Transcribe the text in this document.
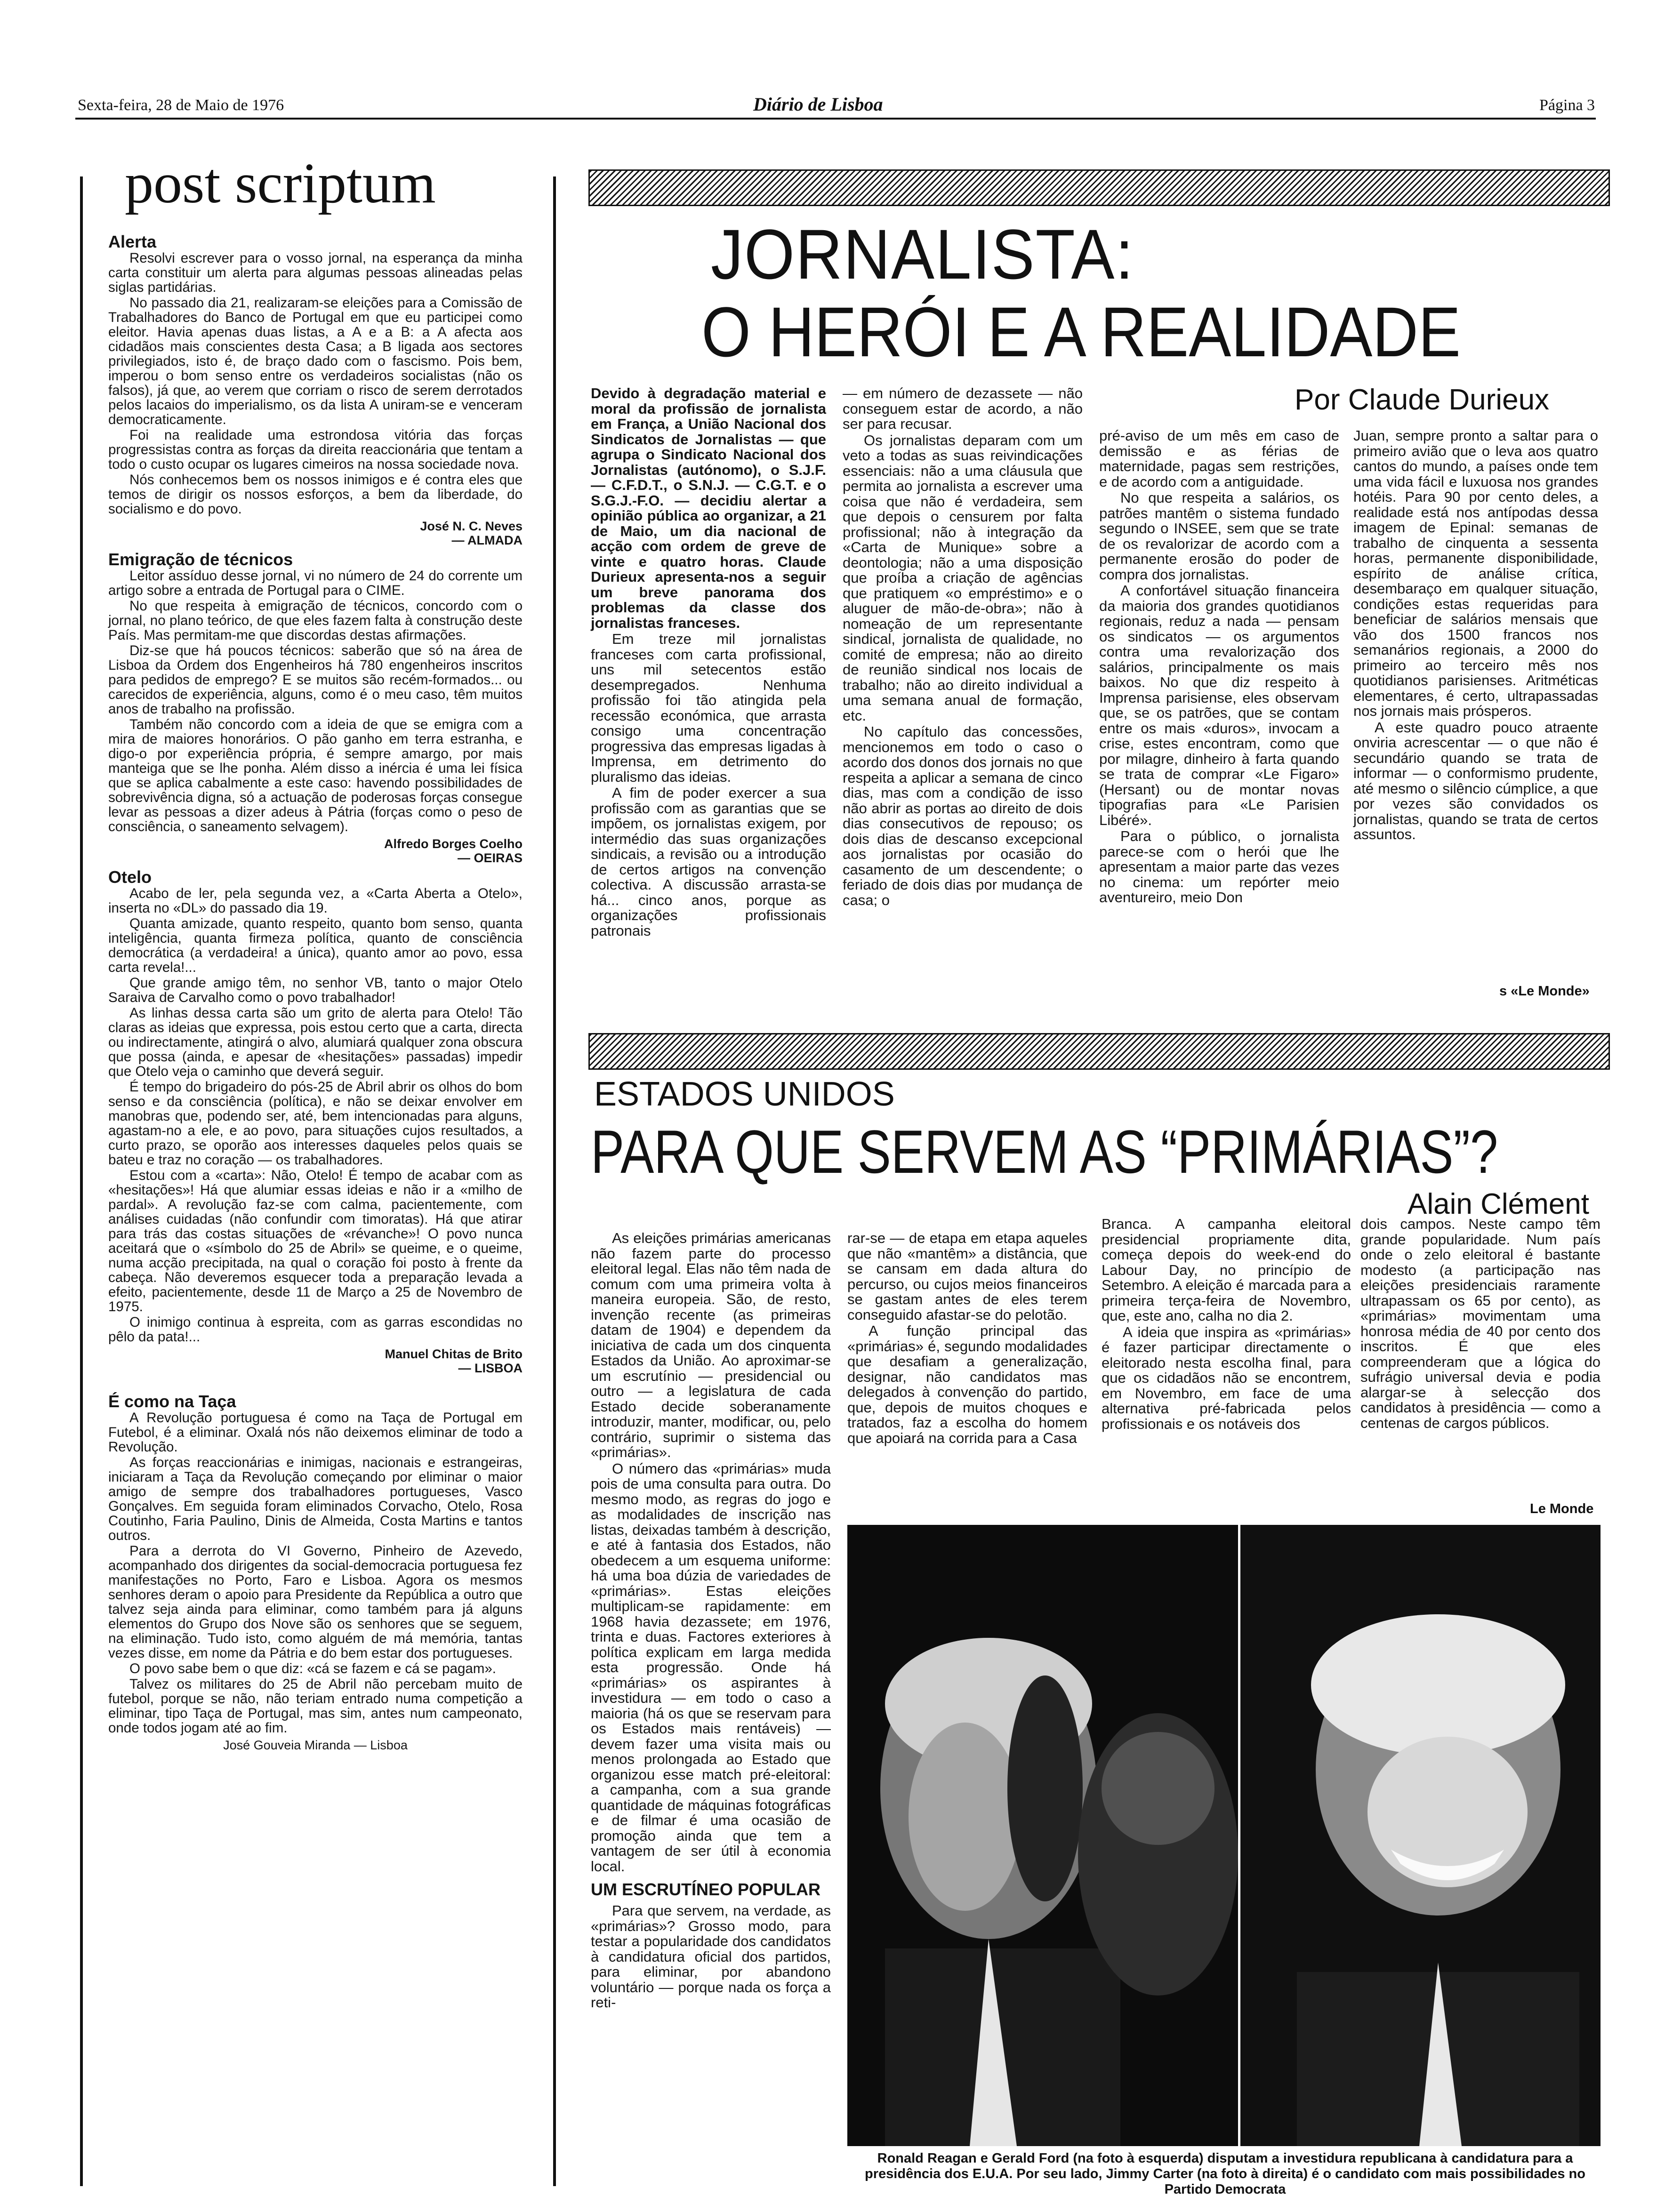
Sexta-feira, 28 de Maio de 1976	Diário de Lisboa	Página 3
post scriptum
Alerta

Resolvi escrever para o vosso jornal, na esperança da minha carta constituir um alerta para algumas pessoas alineadas pelas siglas partidárias.

No passado dia 21, realizaram-se eleições para a Comissão de Trabalhadores do Banco de Portugal em que eu participei como eleitor. Havia apenas duas listas, a A e a B: a A afecta aos cidadãos mais conscientes desta Casa; a B ligada aos sectores privilegiados, isto é, de braço dado com o fascismo. Pois bem, imperou o bom senso entre os verdadeiros socialistas (não os falsos), já que, ao verem que corriam o risco de serem derrotados pelos lacaios do imperialismo, os da lista A uniram-se e venceram democraticamente.

Foi na realidade uma estrondosa vitória das forças progressistas contra as forças da direita reaccionária que tentam a todo o custo ocupar os lugares cimeiros na nossa sociedade nova.

Nós conhecemos bem os nossos inimigos e é contra eles que temos de dirigir os nossos esforços, a bem da liberdade, do socialismo e do povo.

José N. C. Neves
— ALMADA
Emigração de técnicos

Leitor assíduo desse jornal, vi no número de 24 do corrente um artigo sobre a entrada de Portugal para o CIME.

No que respeita à emigração de técnicos, concordo com o jornal, no plano teórico, de que eles fazem falta à construção deste País. Mas permitam-me que discordas destas afirmações.

Diz-se que há poucos técnicos: saberão que só na área de Lisboa da Ordem dos Engenheiros há 780 engenheiros inscritos para pedidos de emprego? E se muitos são recém-formados... ou carecidos de experiência, alguns, como é o meu caso, têm muitos anos de trabalho na profissão.

Também não concordo com a ideia de que se emigra com a mira de maiores honorários. O pão ganho em terra estranha, e digo-o por experiência própria, é sempre amargo, por mais manteiga que se lhe ponha. Além disso a inércia é uma lei física que se aplica cabalmente a este caso: havendo possibilidades de sobrevivência digna, só a actuação de poderosas forças consegue levar as pessoas a dizer adeus à Pátria (forças como o peso de consciência, o saneamento selvagem).

Alfredo Borges Coelho
— OEIRAS
Otelo

Acabo de ler, pela segunda vez, a «Carta Aberta a Otelo», inserta no «DL» do passado dia 19.

Quanta amizade, quanto respeito, quanto bom senso, quanta inteligência, quanta firmeza política, quanto de consciência democrática (a verdadeira! a única), quanto amor ao povo, essa carta revela!...

Que grande amigo têm, no senhor VB, tanto o major Otelo Saraiva de Carvalho como o povo trabalhador!

As linhas dessa carta são um grito de alerta para Otelo! Tão claras as ideias que expressa, pois estou certo que a carta, directa ou indirectamente, atingirá o alvo, alumiará qualquer zona obscura que possa (ainda, e apesar de «hesitações» passadas) impedir que Otelo veja o caminho que deverá seguir.

É tempo do brigadeiro do pós-25 de Abril abrir os olhos do bom senso e da consciência (política), e não se deixar envolver em manobras que, podendo ser, até, bem intencionadas para alguns, agastam-no a ele, e ao povo, para situações cujos resultados, a curto prazo, se oporão aos interesses daqueles pelos quais se bateu e traz no coração — os trabalhadores.

Estou com a «carta»: Não, Otelo! É tempo de acabar com as «hesitações»! Há que alumiar essas ideias e não ir a «milho de pardal». A revolução faz-se com calma, pacientemente, com análises cuidadas (não confundir com timoratas). Há que atirar para trás das costas situações de «révanche»! O povo nunca aceitará que o «símbolo do 25 de Abril» se queime, e o queime, numa acção precipitada, na qual o coração foi posto à frente da cabeça. Não deveremos esquecer toda a preparação levada a efeito, pacientemente, desde 11 de Março a 25 de Novembro de 1975.

O inimigo continua à espreita, com as garras escondidas no pêlo da pata!...

Manuel Chitas de Brito
— LISBOA
É como na Taça

A Revolução portuguesa é como na Taça de Portugal em Futebol, é a eliminar. Oxalá nós não deixemos eliminar de todo a Revolução.

As forças reaccionárias e inimigas, nacionais e estrangeiras, iniciaram a Taça da Revolução começando por eliminar o maior amigo de sempre dos trabalhadores portugueses, Vasco Gonçalves. Em seguida foram eliminados Corvacho, Otelo, Rosa Coutinho, Faria Paulino, Dinis de Almeida, Costa Martins e tantos outros.

Para a derrota do VI Governo, Pinheiro de Azevedo, acompanhado dos dirigentes da social-democracia portuguesa fez manifestações no Porto, Faro e Lisboa. Agora os mesmos senhores deram o apoio para Presidente da República a outro que talvez seja ainda para eliminar, como também para já alguns elementos do Grupo dos Nove são os senhores que se seguem, na eliminação. Tudo isto, como alguém de má memória, tantas vezes disse, em nome da Pátria e do bem estar dos portugueses.

O povo sabe bem o que diz: «cá se fazem e cá se pagam».

Talvez os militares do 25 de Abril não percebam muito de futebol, porque se não, não teriam entrado numa competição a eliminar, tipo Taça de Portugal, mas sim, antes num campeonato, onde todos jogam até ao fim.

José Gouveia Miranda — Lisboa
JORNALISTA:
O HERÓI E A REALIDADE
Por Claude Durieux

Devido à degradação material e moral da profissão de jornalista em França, a União Nacional dos Sindicatos de Jornalistas — que agrupa o Sindicato Nacional dos Jornalistas (autónomo), o S.J.F. — C.F.D.T., o S.N.J. — C.G.T. e o S.G.J.-F.O. — decidiu alertar a opinião pública ao organizar, a 21 de Maio, um dia nacional de acção com ordem de greve de vinte e quatro horas. Claude Durieux apresenta-nos a seguir um breve panorama dos problemas da classe dos jornalistas franceses.

Em treze mil jornalistas franceses com carta profissional, uns mil setecentos estão desempregados. Nenhuma profissão foi tão atingida pela recessão económica, que arrasta consigo uma concentração progressiva das empresas ligadas à Imprensa, em detrimento do pluralismo das ideias.

A fim de poder exercer a sua profissão com as garantias que se impõem, os jornalistas exigem, por intermédio das suas organizações sindicais, a revisão ou a introdução de certos artigos na convenção colectiva. A discussão arrasta-se há... cinco anos, porque as organizações profissionais patronais

— em número de dezassete — não conseguem estar de acordo, a não ser para recusar.

Os jornalistas deparam com um veto a todas as suas reivindicações essenciais: não a uma cláusula que permita ao jornalista a escrever uma coisa que não é verdadeira, sem que depois o censurem por falta profissional; não à integração da «Carta de Munique» sobre a deontologia; não a uma disposição que proíba a criação de agências que pratiquem «o empréstimo» e o aluguer de mão-de-obra»; não à nomeação de um representante sindical, jornalista de qualidade, no comité de empresa; não ao direito de reunião sindical nos locais de trabalho; não ao direito individual a uma semana anual de formação, etc.

No capítulo das concessões, mencionemos em todo o caso o acordo dos donos dos jornais no que respeita a aplicar a semana de cinco dias, mas com a condição de isso não abrir as portas ao direito de dois dias consecutivos de repouso; os dois dias de descanso excepcional aos jornalistas por ocasião do casamento de um descendente; o feriado de dois dias por mudança de casa; o

pré-aviso de um mês em caso de demissão e as férias de maternidade, pagas sem restrições, e de acordo com a antiguidade.

No que respeita a salários, os patrões mantêm o sistema fundado segundo o INSEE, sem que se trate de os revalorizar de acordo com a permanente erosão do poder de compra dos jornalistas.

A confortável situação financeira da maioria dos grandes quotidianos regionais, reduz a nada — pensam os sindicatos — os argumentos contra uma revalorização dos salários, principalmente os mais baixos. No que diz respeito à Imprensa parisiense, eles observam que, se os patrões, que se contam entre os mais «duros», invocam a crise, estes encontram, como que por milagre, dinheiro à farta quando se trata de comprar «Le Figaro» (Hersant) ou de montar novas tipografias para «Le Parisien Libéré».

Para o público, o jornalista parece-se com o herói que lhe apresentam a maior parte das vezes no cinema: um repórter meio aventureiro, meio Don

Juan, sempre pronto a saltar para o primeiro avião que o leva aos quatro cantos do mundo, a países onde tem uma vida fácil e luxuosa nos grandes hotéis. Para 90 por cento deles, a realidade está nos antípodas dessa imagem de Epinal: semanas de trabalho de cinquenta a sessenta horas, permanente disponibilidade, espírito de análise crítica, desembaraço em qualquer situação, condições estas requeridas para beneficiar de salários mensais que vão dos 1500 francos nos semanários regionais, a 2000 do primeiro ao terceiro mês nos quotidianos parisienses. Aritméticas elementares, é certo, ultrapassadas nos jornais mais prósperos.

A este quadro pouco atraente onviria acrescentar — o que não é secundário quando se trata de informar — o conformismo prudente, até mesmo o silêncio cúmplice, a que por vezes são convidados os jornalistas, quando se trata de certos assuntos.

s «Le Monde»
ESTADOS UNIDOS
PARA QUE SERVEM AS “PRIMÁRIAS”?
Alain Clément

As eleições primárias americanas não fazem parte do processo eleitoral legal. Elas não têm nada de comum com uma primeira volta à maneira europeia. São, de resto, invenção recente (as primeiras datam de 1904) e dependem da iniciativa de cada um dos cinquenta Estados da União. Ao aproximar-se um escrutínio — presidencial ou outro — a legislatura de cada Estado decide soberanamente introduzir, manter, modificar, ou, pelo contrário, suprimir o sistema das «primárias».

O número das «primárias» muda pois de uma consulta para outra. Do mesmo modo, as regras do jogo e as modalidades de inscrição nas listas, deixadas também à descrição, e até à fantasia dos Estados, não obedecem a um esquema uniforme: há uma boa dúzia de variedades de «primárias». Estas eleições multiplicam-se rapidamente: em 1968 havia dezassete; em 1976, trinta e duas. Factores exteriores à política explicam em larga medida esta progressão. Onde há «primárias» os aspirantes à investidura — em todo o caso a maioria (há os que se reservam para os Estados mais rentáveis) — devem fazer uma visita mais ou menos prolongada ao Estado que organizou esse match pré-eleitoral: a campanha, com a sua grande quantidade de máquinas fotográficas e de filmar é uma ocasião de promoção ainda que tem a vantagem de ser útil à economia local.

UM ESCRUTÍNEO POPULAR

Para que servem, na verdade, as «primárias»? Grosso modo, para testar a popularidade dos candidatos à candidatura oficial dos partidos, para eliminar, por abandono voluntário — porque nada os força a reti-

rar-se — de etapa em etapa aqueles que não «mantêm» a distância, que se cansam em dada altura do percurso, ou cujos meios financeiros se gastam antes de eles terem conseguido afastar-se do pelotão.

A função principal das «primárias» é, segundo modalidades que desafiam a generalização, designar, não candidatos mas delegados à convenção do partido, que, depois de muitos choques e tratados, faz a escolha do homem que apoiará na corrida para a Casa

Branca. A campanha eleitoral presidencial propriamente dita, começa depois do week-end do Labour Day, no princípio de Setembro. A eleição é marcada para a primeira terça-feira de Novembro, que, este ano, calha no dia 2.

A ideia que inspira as «primárias» é fazer participar directamente o eleitorado nesta escolha final, para que os cidadãos não se encontrem, em Novembro, em face de uma alternativa pré-fabricada pelos profissionais e os notáveis dos

dois campos. Neste campo têm grande popularidade. Num país onde o zelo eleitoral é bastante modesto (a participação nas eleições presidenciais raramente ultrapassam os 65 por cento), as «primárias» movimentam uma honrosa média de 40 por cento dos inscritos. É que eles compreenderam que a lógica do sufrágio universal devia e podia alargar-se à selecção dos candidatos à presidência — como a centenas de cargos públicos.

Le Monde
Ronald Reagan e Gerald Ford (na foto à esquerda) disputam a investidura republicana à candidatura para a presidência dos E.U.A. Por seu lado, Jimmy Carter (na foto à direita) é o candidato com mais possibilidades no Partido Democrata
